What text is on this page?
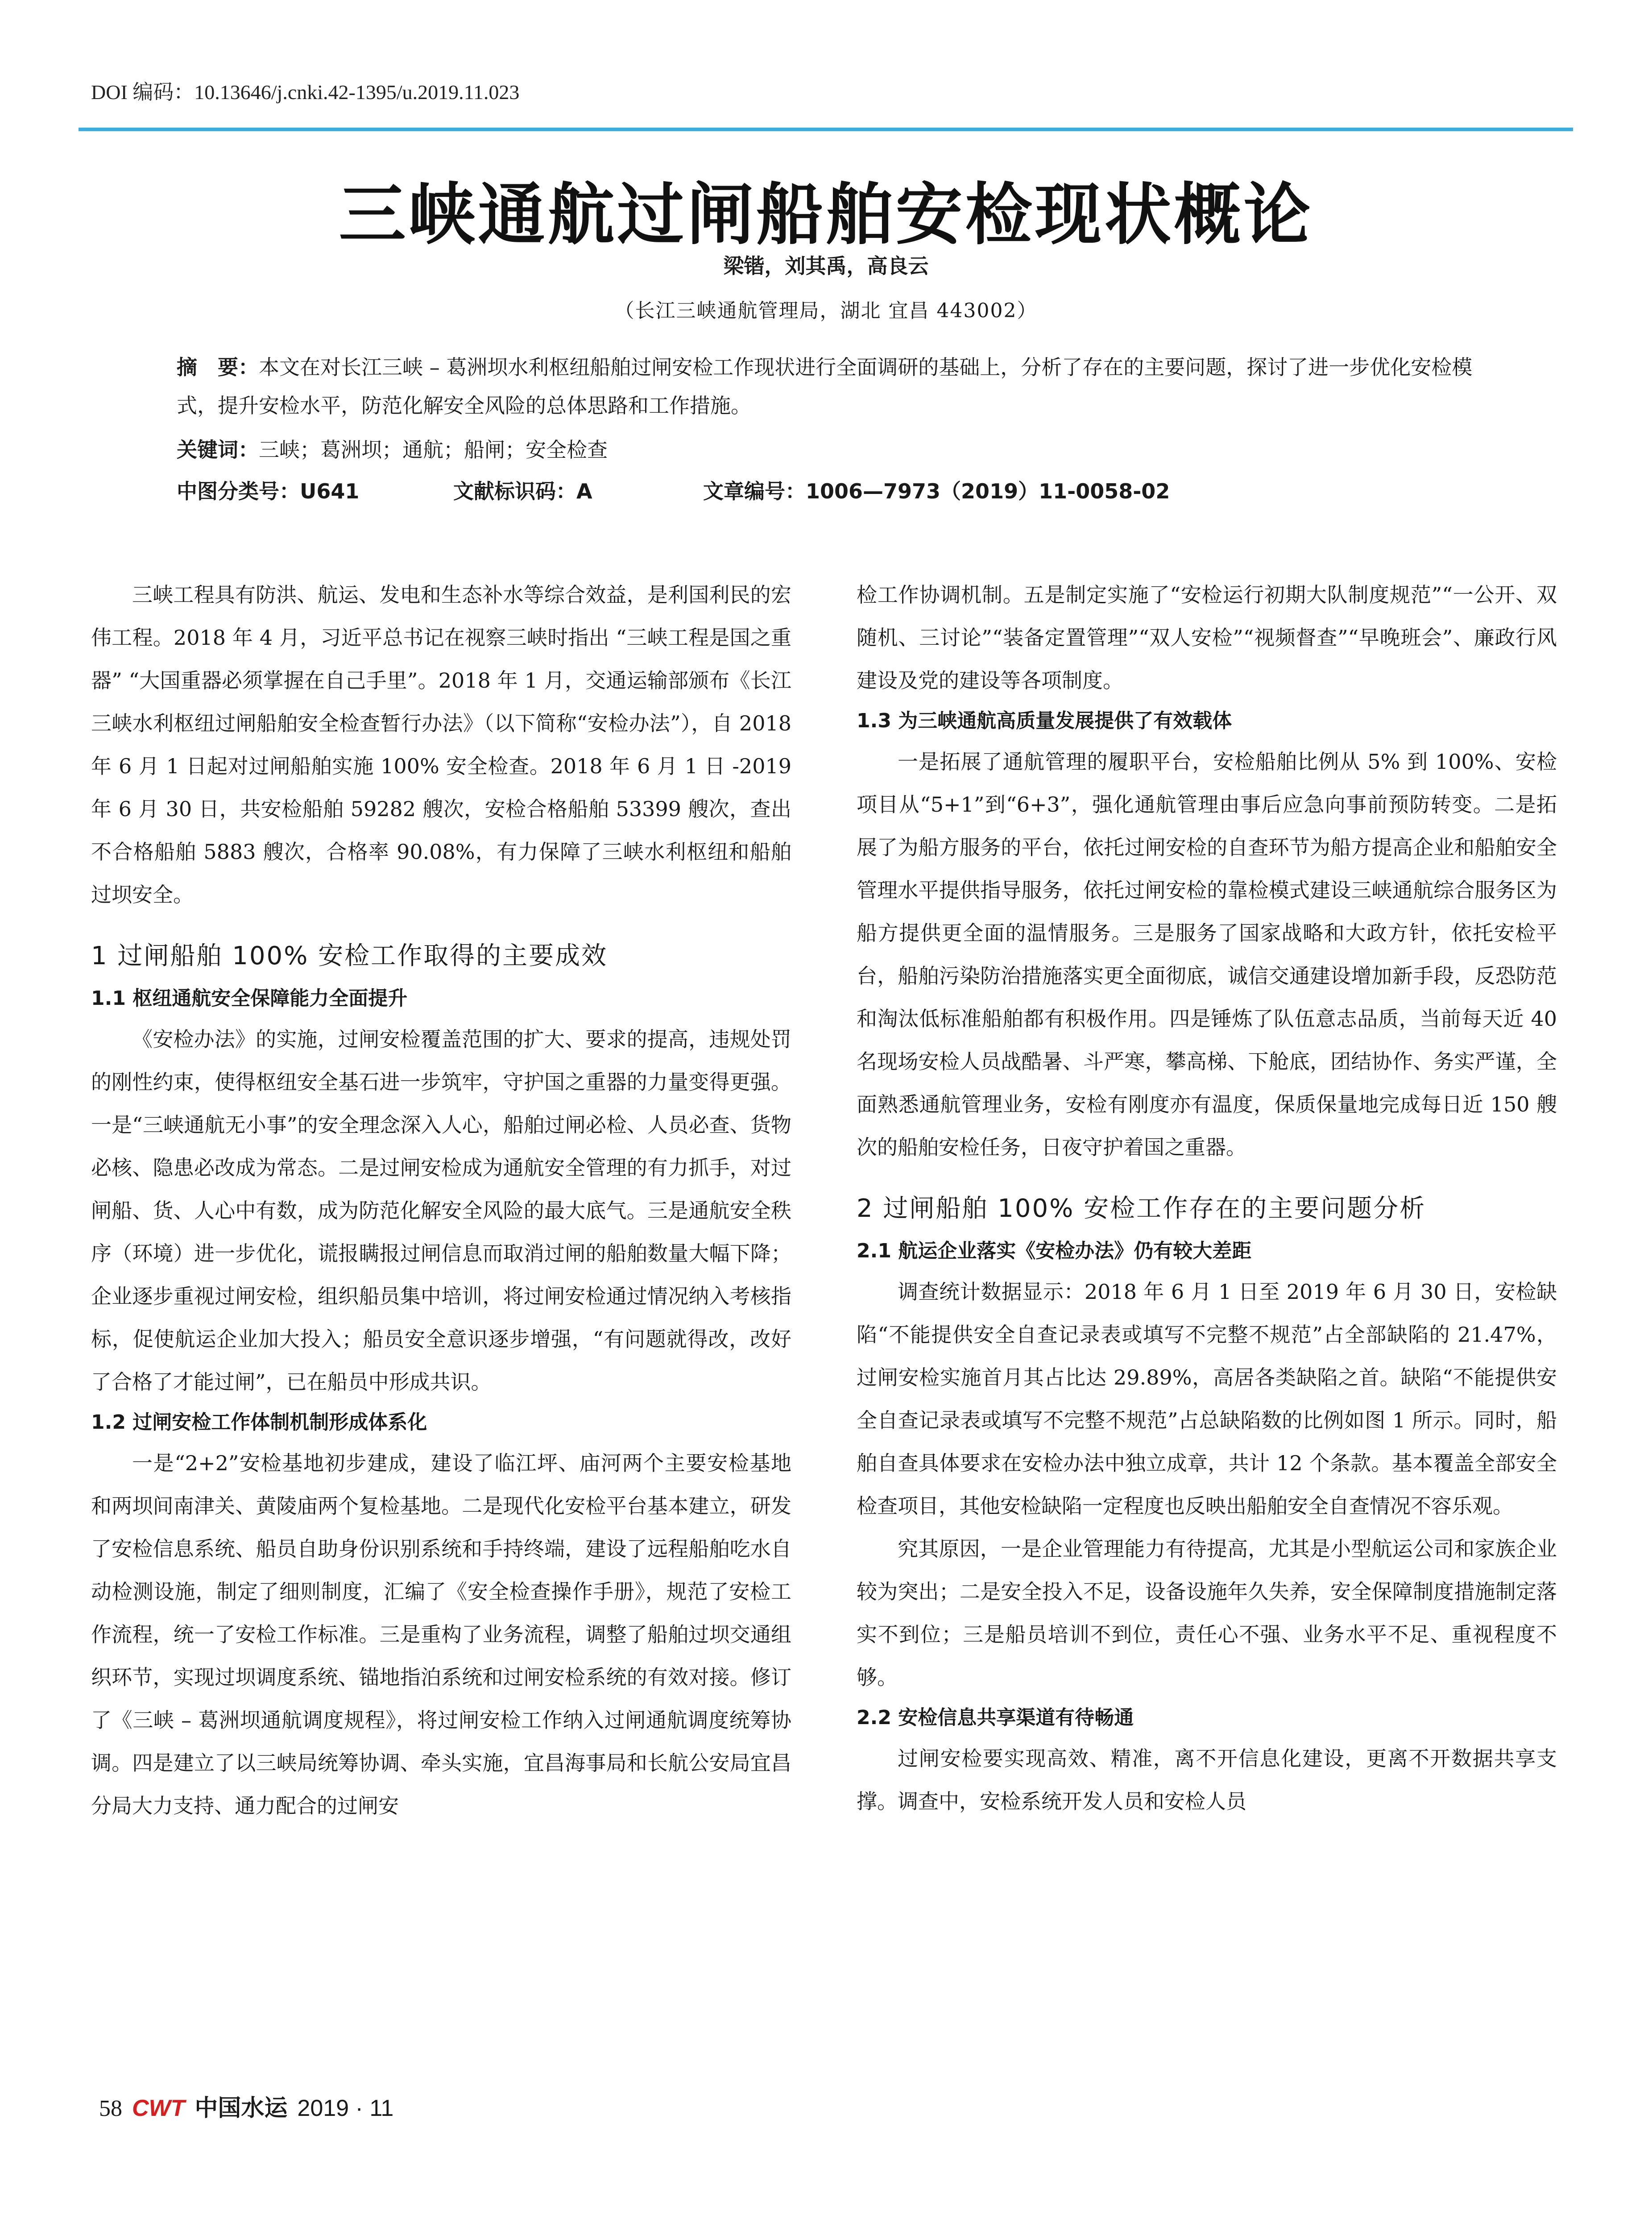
DOI 编码：10.13646/j.cnki.42-1395/u.2019.11.023
三峡通航过闸船舶安检现状概论
梁锴，刘其禹，高良云
（长江三峡通航管理局，湖北 宜昌 443002）
摘　要：本文在对长江三峡 – 葛洲坝水利枢纽船舶过闸安检工作现状进行全面调研的基础上，分析了存在的主要问题，探讨了进一步优化安检模式，提升安检水平，防范化解安全风险的总体思路和工作措施。
关键词：三峡；葛洲坝；通航；船闸；安全检查
中图分类号：U641	文献标识码：A	文章编号：1006—7973（2019）11-0058-02

三峡工程具有防洪、航运、发电和生态补水等综合效益，是利国利民的宏伟工程。2018 年 4 月，习近平总书记在视察三峡时指出 “三峡工程是国之重器” “大国重器必须掌握在自己手里”。2018 年 1 月，交通运输部颁布《长江三峡水利枢纽过闸船舶安全检查暂行办法》（以下简称“安检办法”），自 2018 年 6 月 1 日起对过闸船舶实施 100% 安全检查。2018 年 6 月 1 日 -2019 年 6 月 30 日，共安检船舶 59282 艘次，安检合格船舶 53399 艘次，查出不合格船舶 5883 艘次，合格率 90.08%，有力保障了三峡水利枢纽和船舶过坝安全。

1 过闸船舶 100% 安检工作取得的主要成效
1.1 枢纽通航安全保障能力全面提升

《安检办法》的实施，过闸安检覆盖范围的扩大、要求的提高，违规处罚的刚性约束，使得枢纽安全基石进一步筑牢，守护国之重器的力量变得更强。一是“三峡通航无小事”的安全理念深入人心，船舶过闸必检、人员必查、货物必核、隐患必改成为常态。二是过闸安检成为通航安全管理的有力抓手，对过闸船、货、人心中有数，成为防范化解安全风险的最大底气。三是通航安全秩序（环境）进一步优化，谎报瞒报过闸信息而取消过闸的船舶数量大幅下降；企业逐步重视过闸安检，组织船员集中培训，将过闸安检通过情况纳入考核指标，促使航运企业加大投入；船员安全意识逐步增强，“有问题就得改，改好了合格了才能过闸”，已在船员中形成共识。

1.2 过闸安检工作体制机制形成体系化

一是“2+2”安检基地初步建成，建设了临江坪、庙河两个主要安检基地和两坝间南津关、黄陵庙两个复检基地。二是现代化安检平台基本建立，研发了安检信息系统、船员自助身份识别系统和手持终端，建设了远程船舶吃水自动检测设施，制定了细则制度，汇编了《安全检查操作手册》，规范了安检工作流程，统一了安检工作标准。三是重构了业务流程，调整了船舶过坝交通组织环节，实现过坝调度系统、锚地指泊系统和过闸安检系统的有效对接。修订了《三峡 – 葛洲坝通航调度规程》，将过闸安检工作纳入过闸通航调度统筹协调。四是建立了以三峡局统筹协调、牵头实施，宜昌海事局和长航公安局宜昌分局大力支持、通力配合的过闸安

检工作协调机制。五是制定实施了“安检运行初期大队制度规范”“一公开、双随机、三讨论”“装备定置管理”“双人安检”“视频督查”“早晚班会”、廉政行风建设及党的建设等各项制度。

1.3 为三峡通航高质量发展提供了有效载体

一是拓展了通航管理的履职平台，安检船舶比例从 5% 到 100%、安检项目从“5+1”到“6+3”，强化通航管理由事后应急向事前预防转变。二是拓展了为船方服务的平台，依托过闸安检的自查环节为船方提高企业和船舶安全管理水平提供指导服务，依托过闸安检的靠检模式建设三峡通航综合服务区为船方提供更全面的温情服务。三是服务了国家战略和大政方针，依托安检平台，船舶污染防治措施落实更全面彻底，诚信交通建设增加新手段，反恐防范和淘汰低标准船舶都有积极作用。四是锤炼了队伍意志品质，当前每天近 40 名现场安检人员战酷暑、斗严寒，攀高梯、下舱底，团结协作、务实严谨，全面熟悉通航管理业务，安检有刚度亦有温度，保质保量地完成每日近 150 艘次的船舶安检任务，日夜守护着国之重器。

2 过闸船舶 100% 安检工作存在的主要问题分析
2.1 航运企业落实《安检办法》仍有较大差距

调查统计数据显示：2018 年 6 月 1 日至 2019 年 6 月 30 日，安检缺陷“不能提供安全自查记录表或填写不完整不规范”占全部缺陷的 21.47%，过闸安检实施首月其占比达 29.89%，高居各类缺陷之首。缺陷“不能提供安全自查记录表或填写不完整不规范”占总缺陷数的比例如图 1 所示。同时，船舶自查具体要求在安检办法中独立成章，共计 12 个条款。基本覆盖全部安全检查项目，其他安检缺陷一定程度也反映出船舶安全自查情况不容乐观。

究其原因，一是企业管理能力有待提高，尤其是小型航运公司和家族企业较为突出；二是安全投入不足，设备设施年久失养，安全保障制度措施制定落实不到位；三是船员培训不到位，责任心不强、业务水平不足、重视程度不够。

2.2 安检信息共享渠道有待畅通

过闸安检要实现高效、精准，离不开信息化建设，更离不开数据共享支撑。调查中，安检系统开发人员和安检人员

58 CWT 中国水运 2019 · 11
